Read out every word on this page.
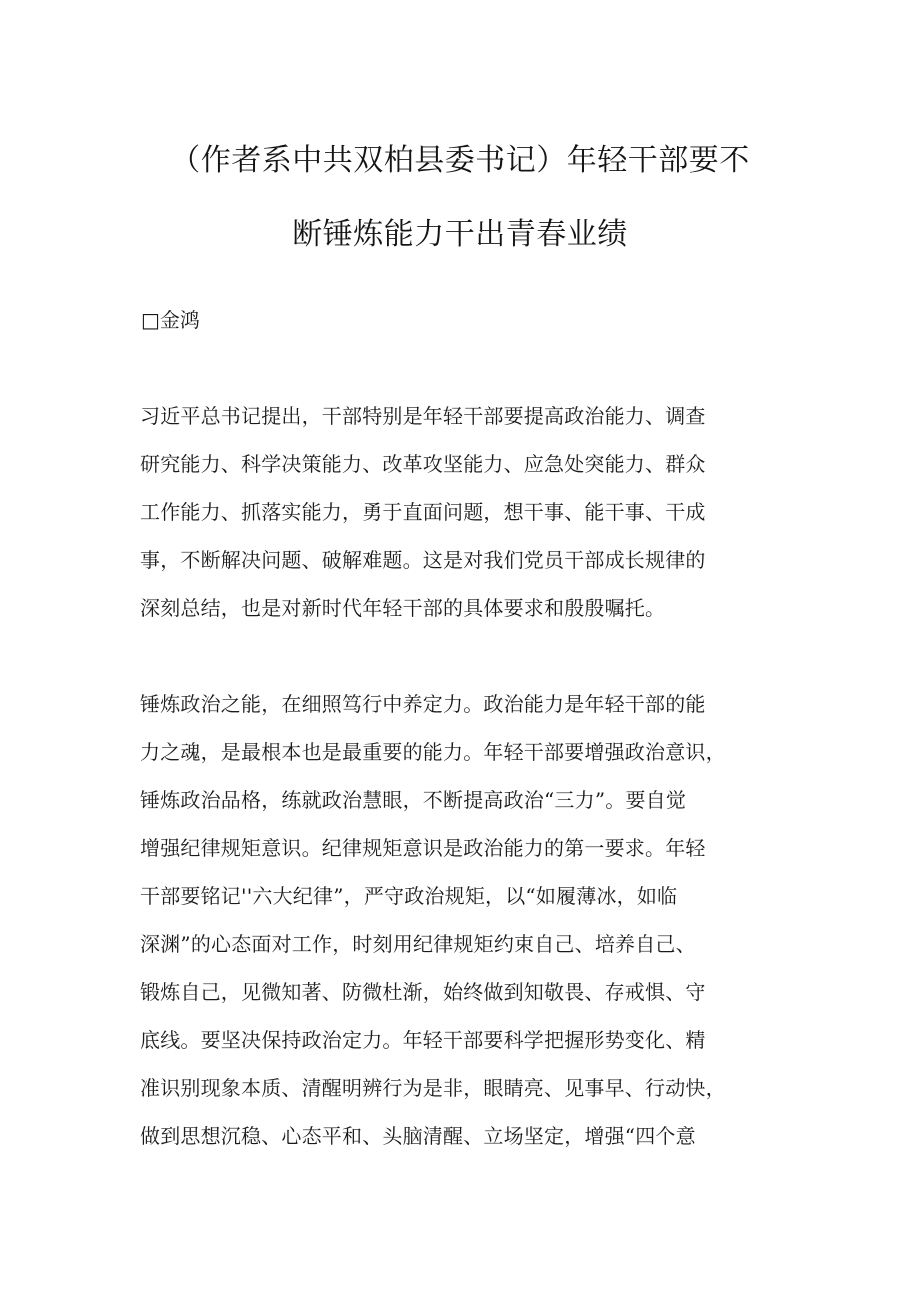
（作者系中共双柏县委书记）年轻干部要不
断锤炼能力干出青春业绩
□金鸿
习近平总书记提出，干部特别是年轻干部要提高政治能力、调查
研究能力、科学决策能力、改革攻坚能力、应急处突能力、群众
工作能力、抓落实能力，勇于直面问题，想干事、能干事、干成
事，不断解决问题、破解难题。这是对我们党员干部成长规律的
深刻总结，也是对新时代年轻干部的具体要求和殷殷嘱托。
锤炼政治之能，在细照笃行中养定力。政治能力是年轻干部的能
力之魂，是最根本也是最重要的能力。年轻干部要增强政治意识，
锤炼政治品格，练就政治慧眼，不断提高政治“三力”。要自觉
增强纪律规矩意识。纪律规矩意识是政治能力的第一要求。年轻
干部要铭记''六大纪律”，严守政治规矩，以“如履薄冰，如临
深渊”的心态面对工作，时刻用纪律规矩约束自己、培养自己、
锻炼自己，见微知著、防微杜渐，始终做到知敬畏、存戒惧、守
底线。要坚决保持政治定力。年轻干部要科学把握形势变化、精
准识别现象本质、清醒明辨行为是非，眼睛亮、见事早、行动快，
做到思想沉稳、心态平和、头脑清醒、立场坚定，增强“四个意
